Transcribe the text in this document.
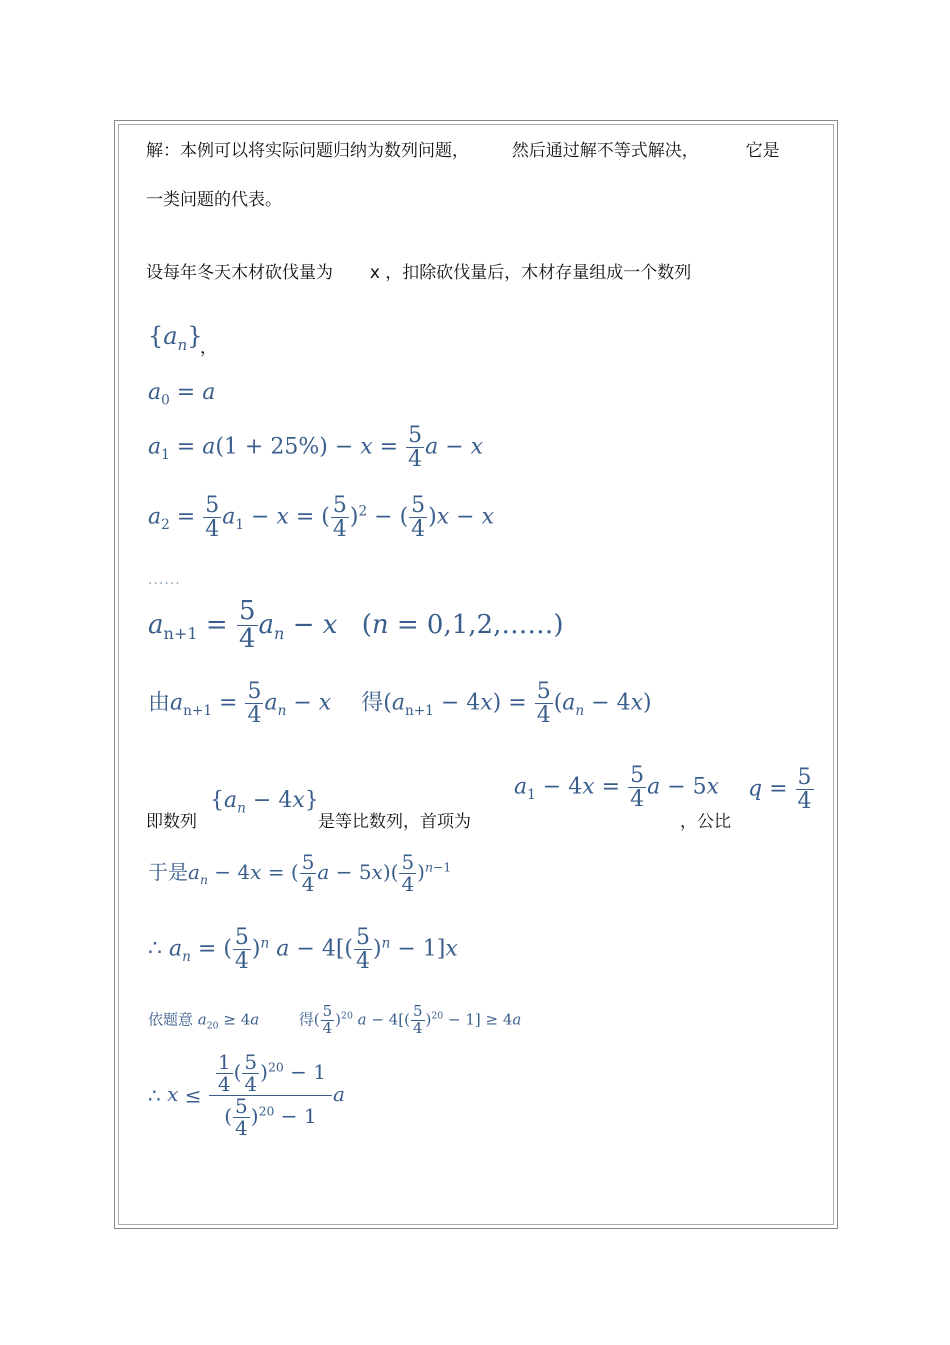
解：本例可以将实际问题归纳为数列问题，	然后通过解不等式解决，	它是
一类问题的代表。
设每年冬天木材砍伐量为 x ，扣除砍伐量后，木材存量组成一个数列
$\{a_n\}$
，
$a_0 = a$
$a_1 = a(1 + 25\%) - x = \frac{5}{4}$ a − x
$a_2 = \frac{5}{4} a_1 - x$ = ( $\frac{5}{4} )^2$ − ( $\frac{5}{4} )x - x$
......
$a_{n+1} = \frac{5}{4} a_n - x$ (n = 0,1,2,……)
由$a_{n+1} = \frac{5}{4} a_n - x$  得$(a_{n+1} - 4x) = \frac{5}{4} (a_n - 4x)$
即数列
$\{a_n - 4x\}$
是等比数列，首项为
$a_1 - 4x = \frac{5}{4}$ a − 5x
，公比
$q = \frac{5}{4}$
于是$a_n - 4x$ = ( $\frac{5}{4}$ $a - 5x)( \frac{5}{4} )^{n-1}$
∴ $a_n$ = ( $\frac{5}{4} )^n$ $a - 4[( \frac{5}{4} )^n - 1]x$
依题意 $a_{20} \ge 4a$  得( $\frac{5}{4} )^{20}$ $a - 4[( \frac{5}{4} )^{20} - 1] \ge 4a$
∴ $x \le \frac{\frac{1}{4} ( \frac{5}{4} )^{20} - 1}{( \frac{5}{4} )^{20} - 1}$ a
